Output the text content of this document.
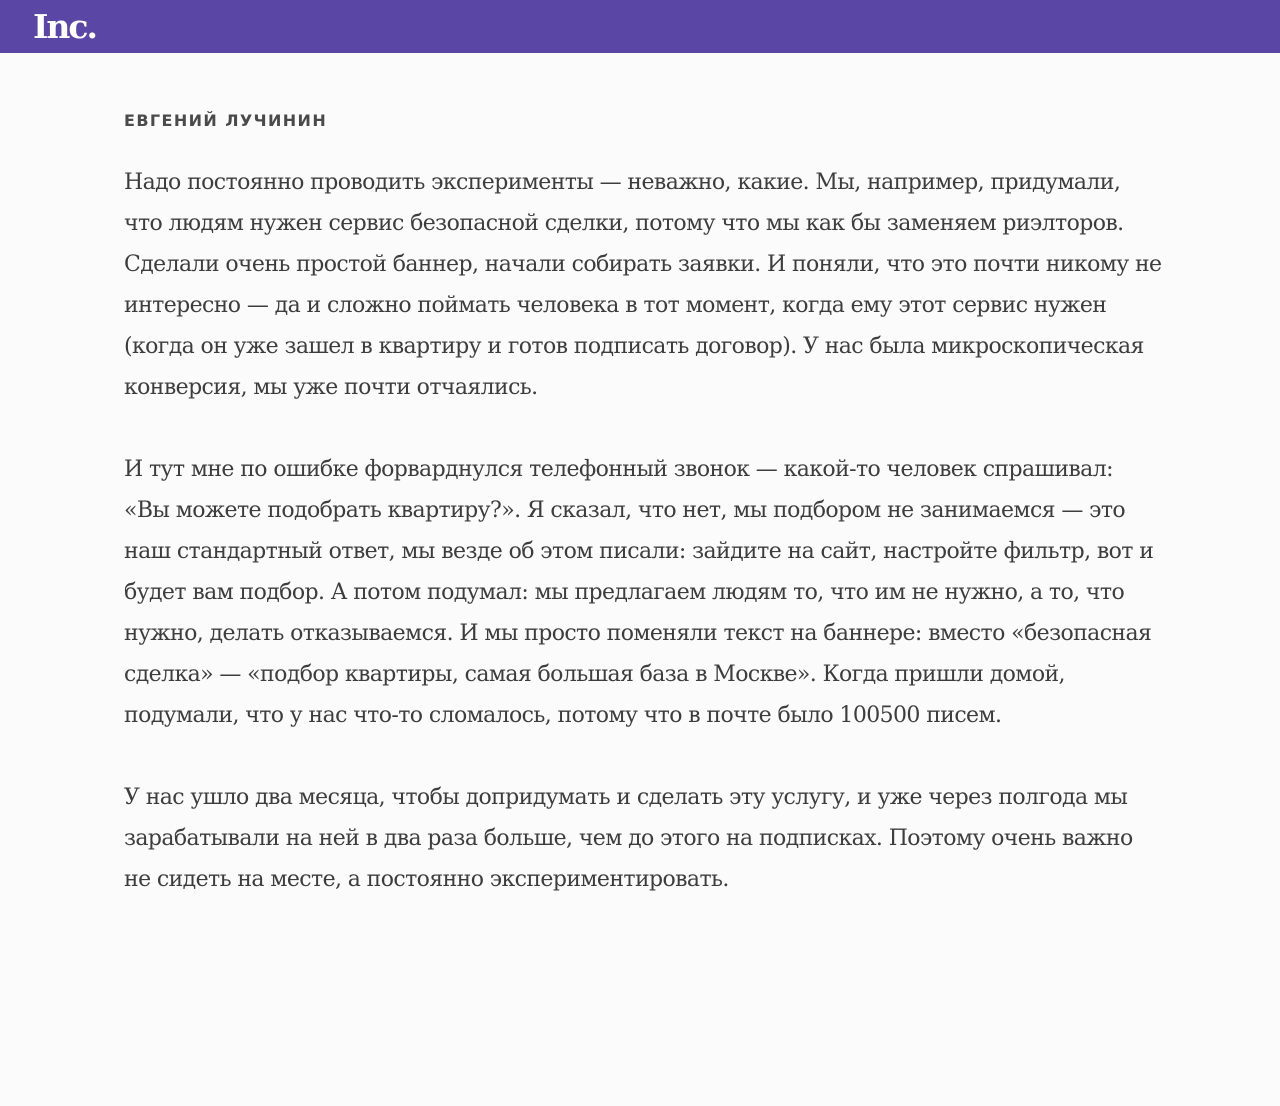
Inc.
ЕВГЕНИЙ ЛУЧИНИН

Надо постоянно проводить эксперименты — неважно, какие. Мы, например, придумали, что людям нужен сервис безопасной сделки, потому что мы как бы заменяем риэлторов. Сделали очень простой баннер, начали собирать заявки. И поняли, что это почти никому не интересно — да и сложно поймать человека в тот момент, когда ему этот сервис нужен (когда он уже зашел в квартиру и готов подписать договор). У нас была микроскопическая конверсия, мы уже почти отчаялись.

И тут мне по ошибке форварднулся телефонный звонок — какой-то человек спрашивал: «Вы можете подобрать квартиру?». Я сказал, что нет, мы подбором не занимаемся — это наш стандартный ответ, мы везде об этом писали: зайдите на сайт, настройте фильтр, вот и будет вам подбор. А потом подумал: мы предлагаем людям то, что им не нужно, а то, что нужно, делать отказываемся. И мы просто поменяли текст на баннере: вместо «безопасная сделка» — «подбор квартиры, самая большая база в Москве». Когда пришли домой, подумали, что у нас что-то сломалось, потому что в почте было 100500 писем.

У нас ушло два месяца, чтобы допридумать и сделать эту услугу, и уже через полгода мы зарабатывали на ней в два раза больше, чем до этого на подписках. Поэтому очень важно не сидеть на месте, а постоянно экспериментировать.
